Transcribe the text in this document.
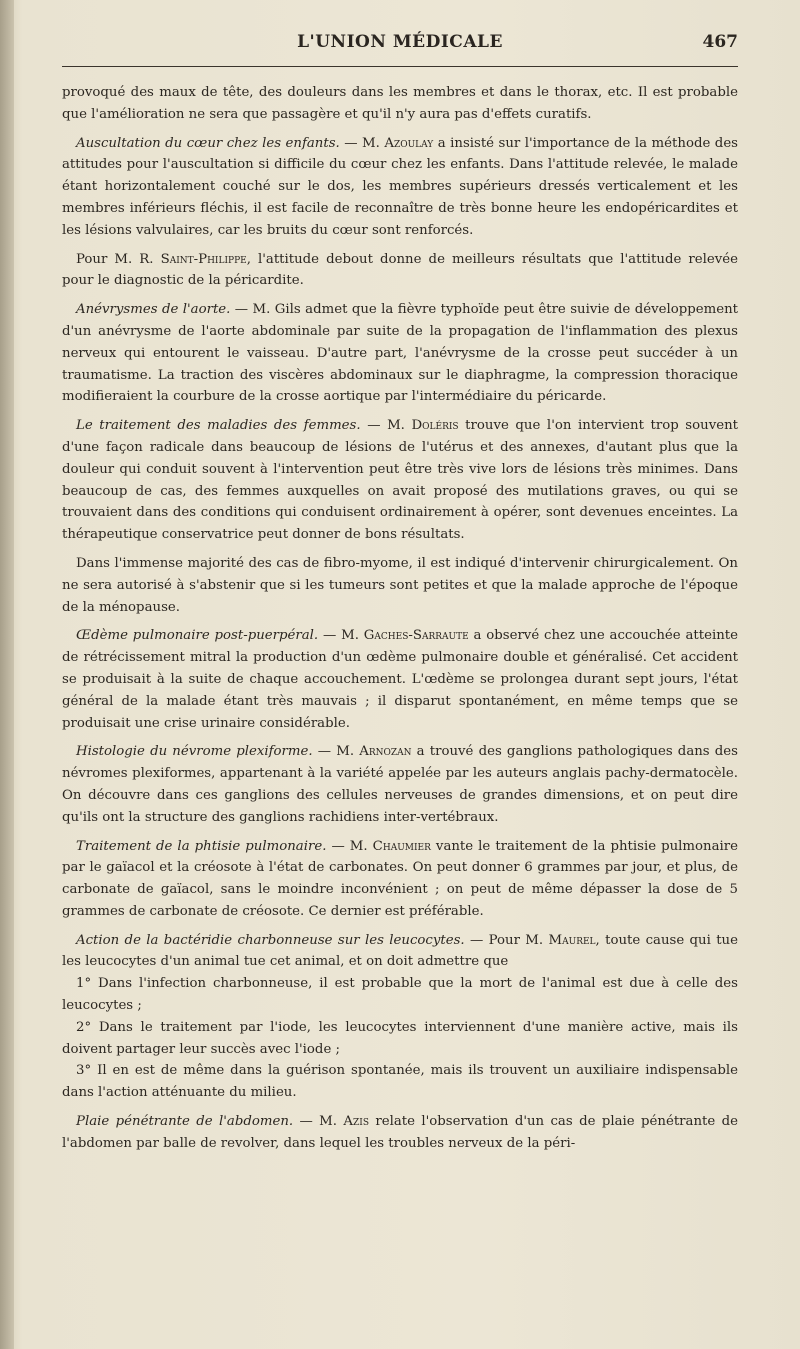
L'UNION MÉDICALE	467

provoqué des maux de tête, des douleurs dans les membres et dans le thorax, etc. Il est probable que l'amélioration ne sera que passagère et qu'il n'y aura pas d'effets curatifs.

Auscultation du cœur chez les enfants. — M. Azoulay a insisté sur l'importance de la méthode des attitudes pour l'auscultation si difficile du cœur chez les enfants. Dans l'attitude relevée, le malade étant horizontalement couché sur le dos, les membres supérieurs dressés verticalement et les membres inférieurs fléchis, il est facile de reconnaître de très bonne heure les endopéricardites et les lésions valvulaires, car les bruits du cœur sont renforcés.

Pour M. R. Saint-Philippe, l'attitude debout donne de meilleurs résultats que l'attitude relevée pour le diagnostic de la péricardite.

Anévrysmes de l'aorte. — M. Gils admet que la fièvre typhoïde peut être suivie de développement d'un anévrysme de l'aorte abdominale par suite de la propagation de l'inflammation des plexus nerveux qui entourent le vaisseau. D'autre part, l'anévrysme de la crosse peut succéder à un traumatisme. La traction des viscères abdominaux sur le diaphragme, la compression thoracique modifieraient la courbure de la crosse aortique par l'intermédiaire du péricarde.

Le traitement des maladies des femmes. — M. Doléris trouve que l'on intervient trop souvent d'une façon radicale dans beaucoup de lésions de l'utérus et des annexes, d'autant plus que la douleur qui conduit souvent à l'intervention peut être très vive lors de lésions très minimes. Dans beaucoup de cas, des femmes auxquelles on avait proposé des mutilations graves, ou qui se trouvaient dans des conditions qui conduisent ordinairement à opérer, sont devenues enceintes. La thérapeutique conservatrice peut donner de bons résultats.

Dans l'immense majorité des cas de fibro-myome, il est indiqué d'intervenir chirurgicalement. On ne sera autorisé à s'abstenir que si les tumeurs sont petites et que la malade approche de l'époque de la ménopause.

Œdème pulmonaire post-puerpéral. — M. Gaches-Sarraute a observé chez une accouchée atteinte de rétrécissement mitral la production d'un œdème pulmonaire double et généralisé. Cet accident se produisait à la suite de chaque accouchement. L'œdème se prolongea durant sept jours, l'état général de la malade étant très mauvais ; il disparut spontanément, en même temps que se produisait une crise urinaire considérable.

Histologie du névrome plexiforme. — M. Arnozan a trouvé des ganglions pathologiques dans des névromes plexiformes, appartenant à la variété appelée par les auteurs anglais pachy-dermatocèle. On découvre dans ces ganglions des cellules nerveuses de grandes dimensions, et on peut dire qu'ils ont la structure des ganglions rachidiens inter-vertébraux.

Traitement de la phtisie pulmonaire. — M. Chaumier vante le traitement de la phtisie pulmonaire par le gaïacol et la créosote à l'état de carbonates. On peut donner 6 grammes par jour, et plus, de carbonate de gaïacol, sans le moindre inconvénient ; on peut de même dépasser la dose de 5 grammes de carbonate de créosote. Ce dernier est préférable.

Action de la bactéridie charbonneuse sur les leucocytes. — Pour M. Maurel, toute cause qui tue les leucocytes d'un animal tue cet animal, et on doit admettre que

1° Dans l'infection charbonneuse, il est probable que la mort de l'animal est due à celle des leucocytes ;

2° Dans le traitement par l'iode, les leucocytes interviennent d'une manière active, mais ils doivent partager leur succès avec l'iode ;

3° Il en est de même dans la guérison spontanée, mais ils trouvent un auxiliaire indispensable dans l'action atténuante du milieu.

Plaie pénétrante de l'abdomen. — M. Azis relate l'observation d'un cas de plaie pénétrante de l'abdomen par balle de revolver, dans lequel les troubles nerveux de la péri-
